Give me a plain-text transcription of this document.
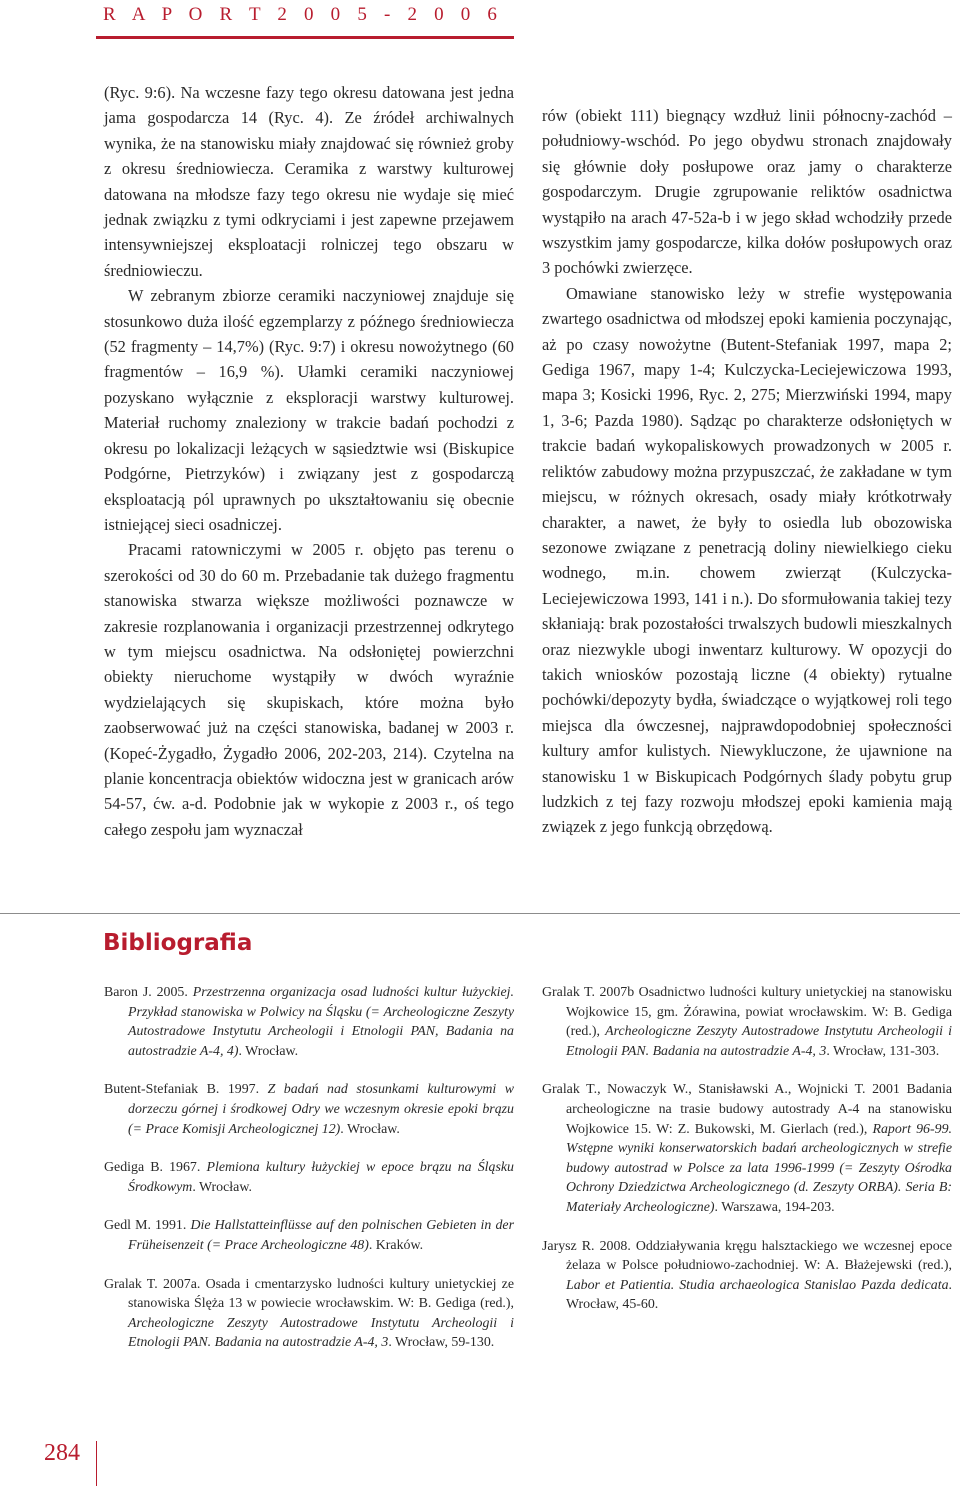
R A P O R T 2 0 0 5 - 2 0 0 6

(Ryc. 9:6). Na wczesne fazy tego okresu datowana jest jedna jama gospodarcza 14 (Ryc. 4). Ze źródeł archiwalnych wynika, że na stanowisku miały znajdować się również groby z okresu średniowiecza. Ceramika z warstwy kulturowej datowana na młodsze fazy tego okresu nie wydaje się mieć jednak związku z tymi odkryciami i jest zapewne przejawem intensywniejszej eksploatacji rolniczej tego obszaru w średniowieczu.

W zebranym zbiorze ceramiki naczyniowej znajduje się stosunkowo duża ilość egzemplarzy z późnego średniowiecza (52 fragmenty – 14,7%) (Ryc. 9:7) i okresu nowożytnego (60 fragmentów – 16,9 %). Ułamki ceramiki naczyniowej pozyskano wyłącznie z eksploracji warstwy kulturowej. Materiał ruchomy znaleziony w trakcie badań pochodzi z okresu po lokalizacji leżących w sąsiedztwie wsi (Biskupice Podgórne, Pietrzyków) i związany jest z gospodarczą eksploatacją pól uprawnych po ukształtowaniu się obecnie istniejącej sieci osadniczej.

Pracami ratowniczymi w 2005 r. objęto pas terenu o szerokości od 30 do 60 m. Przebadanie tak dużego fragmentu stanowiska stwarza większe możliwości poznawcze w zakresie rozplanowania i organizacji przestrzennej odkrytego w tym miejscu osadnictwa. Na odsłoniętej powierzchni obiekty nieruchome wystąpiły w dwóch wyraźnie wydzielających się skupiskach, które można było zaobserwować już na części stanowiska, badanej w 2003 r. (Kopeć-Żygadło, Żygadło 2006, 202-203, 214). Czytelna na planie koncentracja obiektów widoczna jest w granicach arów 54-57, ćw. a-d. Podobnie jak w wykopie z 2003 r., oś tego całego zespołu jam wyznaczał

rów (obiekt 111) biegnący wzdłuż linii północny-zachód – południowy-wschód. Po jego obydwu stronach znajdowały się głównie doły posłupowe oraz jamy o charakterze gospodarczym. Drugie zgrupowanie reliktów osadnictwa wystąpiło na arach 47-52a-b i w jego skład wchodziły przede wszystkim jamy gospodarcze, kilka dołów posłupowych oraz 3 pochówki zwierzęce.

Omawiane stanowisko leży w strefie występowania zwartego osadnictwa od młodszej epoki kamienia poczynając, aż po czasy nowożytne (Butent-Stefaniak 1997, mapa 2; Gediga 1967, mapy 1-4; Kulczycka-Leciejewiczowa 1993, mapa 3; Kosicki 1996, Ryc. 2, 275; Mierzwiński 1994, mapy 1, 3-6; Pazda 1980). Sądząc po charakterze odsłoniętych w trakcie badań wykopaliskowych prowadzonych w 2005 r. reliktów zabudowy można przypuszczać, że zakładane w tym miejscu, w różnych okresach, osady miały krótkotrwały charakter, a nawet, że były to osiedla lub obozowiska sezonowe związane z penetracją doliny niewielkiego cieku wodnego, m.in. chowem zwierząt (Kulczycka-Leciejewiczowa 1993, 141 i n.). Do sformułowania takiej tezy skłaniają: brak pozostałości trwalszych budowli mieszkalnych oraz niezwykle ubogi inwentarz kulturowy. W opozycji do takich wniosków pozostają liczne (4 obiekty) rytualne pochówki/depozyty bydła, świadczące o wyjątkowej roli tego miejsca dla ówczesnej, najprawdopodobniej społeczności kultury amfor kulistych. Niewykluczone, że ujawnione na stanowisku 1 w Biskupicach Podgórnych ślady pobytu grup ludzkich z tej fazy rozwoju młodszej epoki kamienia mają związek z jego funkcją obrzędową.

Bibliografia

Baron J. 2005. Przestrzenna organizacja osad ludności kultur łużyckiej. Przykład stanowiska w Polwicy na Śląsku (= Archeologiczne Zeszyty Autostradowe Instytutu Archeologii i Etnologii PAN, Badania na autostradzie A-4, 4). Wrocław.

Butent-Stefaniak B. 1997. Z badań nad stosunkami kulturowymi w dorzeczu górnej i środkowej Odry we wczesnym okresie epoki brązu (= Prace Komisji Archeologicznej 12). Wrocław.

Gediga B. 1967. Plemiona kultury łużyckiej w epoce brązu na Śląsku Środkowym. Wrocław.

Gedl M. 1991. Die Hallstatteinflüsse auf den polnischen Gebieten in der Frühеisenzeit (= Prace Archeologiczne 48). Kraków.

Gralak T. 2007a. Osada i cmentarzysko ludności kultury unietyckiej ze stanowiska Ślęża 13 w powiecie wrocławskim. W: B. Gediga (red.), Archeologiczne Zeszyty Autostradowe Instytutu Archeologii i Etnologii PAN. Badania na autostradzie A-4, 3. Wrocław, 59-130.

Gralak T. 2007b Osadnictwo ludności kultury unietyckiej na stanowisku Wojkowice 15, gm. Żórawina, powiat wrocławskim. W: B. Gediga (red.), Archeologiczne Zeszyty Autostradowe Instytutu Archeologii i Etnologii PAN. Badania na autostradzie A-4, 3. Wrocław, 131-303.

Gralak T., Nowaczyk W., Stanisławski A., Wojnicki T. 2001 Badania archeologiczne na trasie budowy autostrady A-4 na stanowisku Wojkowice 15. W: Z. Bukowski, M. Gierlach (red.), Raport 96-99. Wstępne wyniki konserwatorskich badań archeologicznych w strefie budowy autostrad w Polsce za lata 1996-1999 (= Zeszyty Ośrodka Ochrony Dziedzictwa Archeologicznego (d. Zeszyty ORBA). Seria B: Materiały Archeologiczne). Warszawa, 194-203.

Jarysz R. 2008. Oddziaływania kręgu halsztackiego we wczesnej epoce żelaza w Polsce południowo-zachodniej. W: A. Błażejewski (red.), Labor et Patientia. Studia archaeologica Stanislao Pazda dedicata. Wrocław, 45-60.

284
